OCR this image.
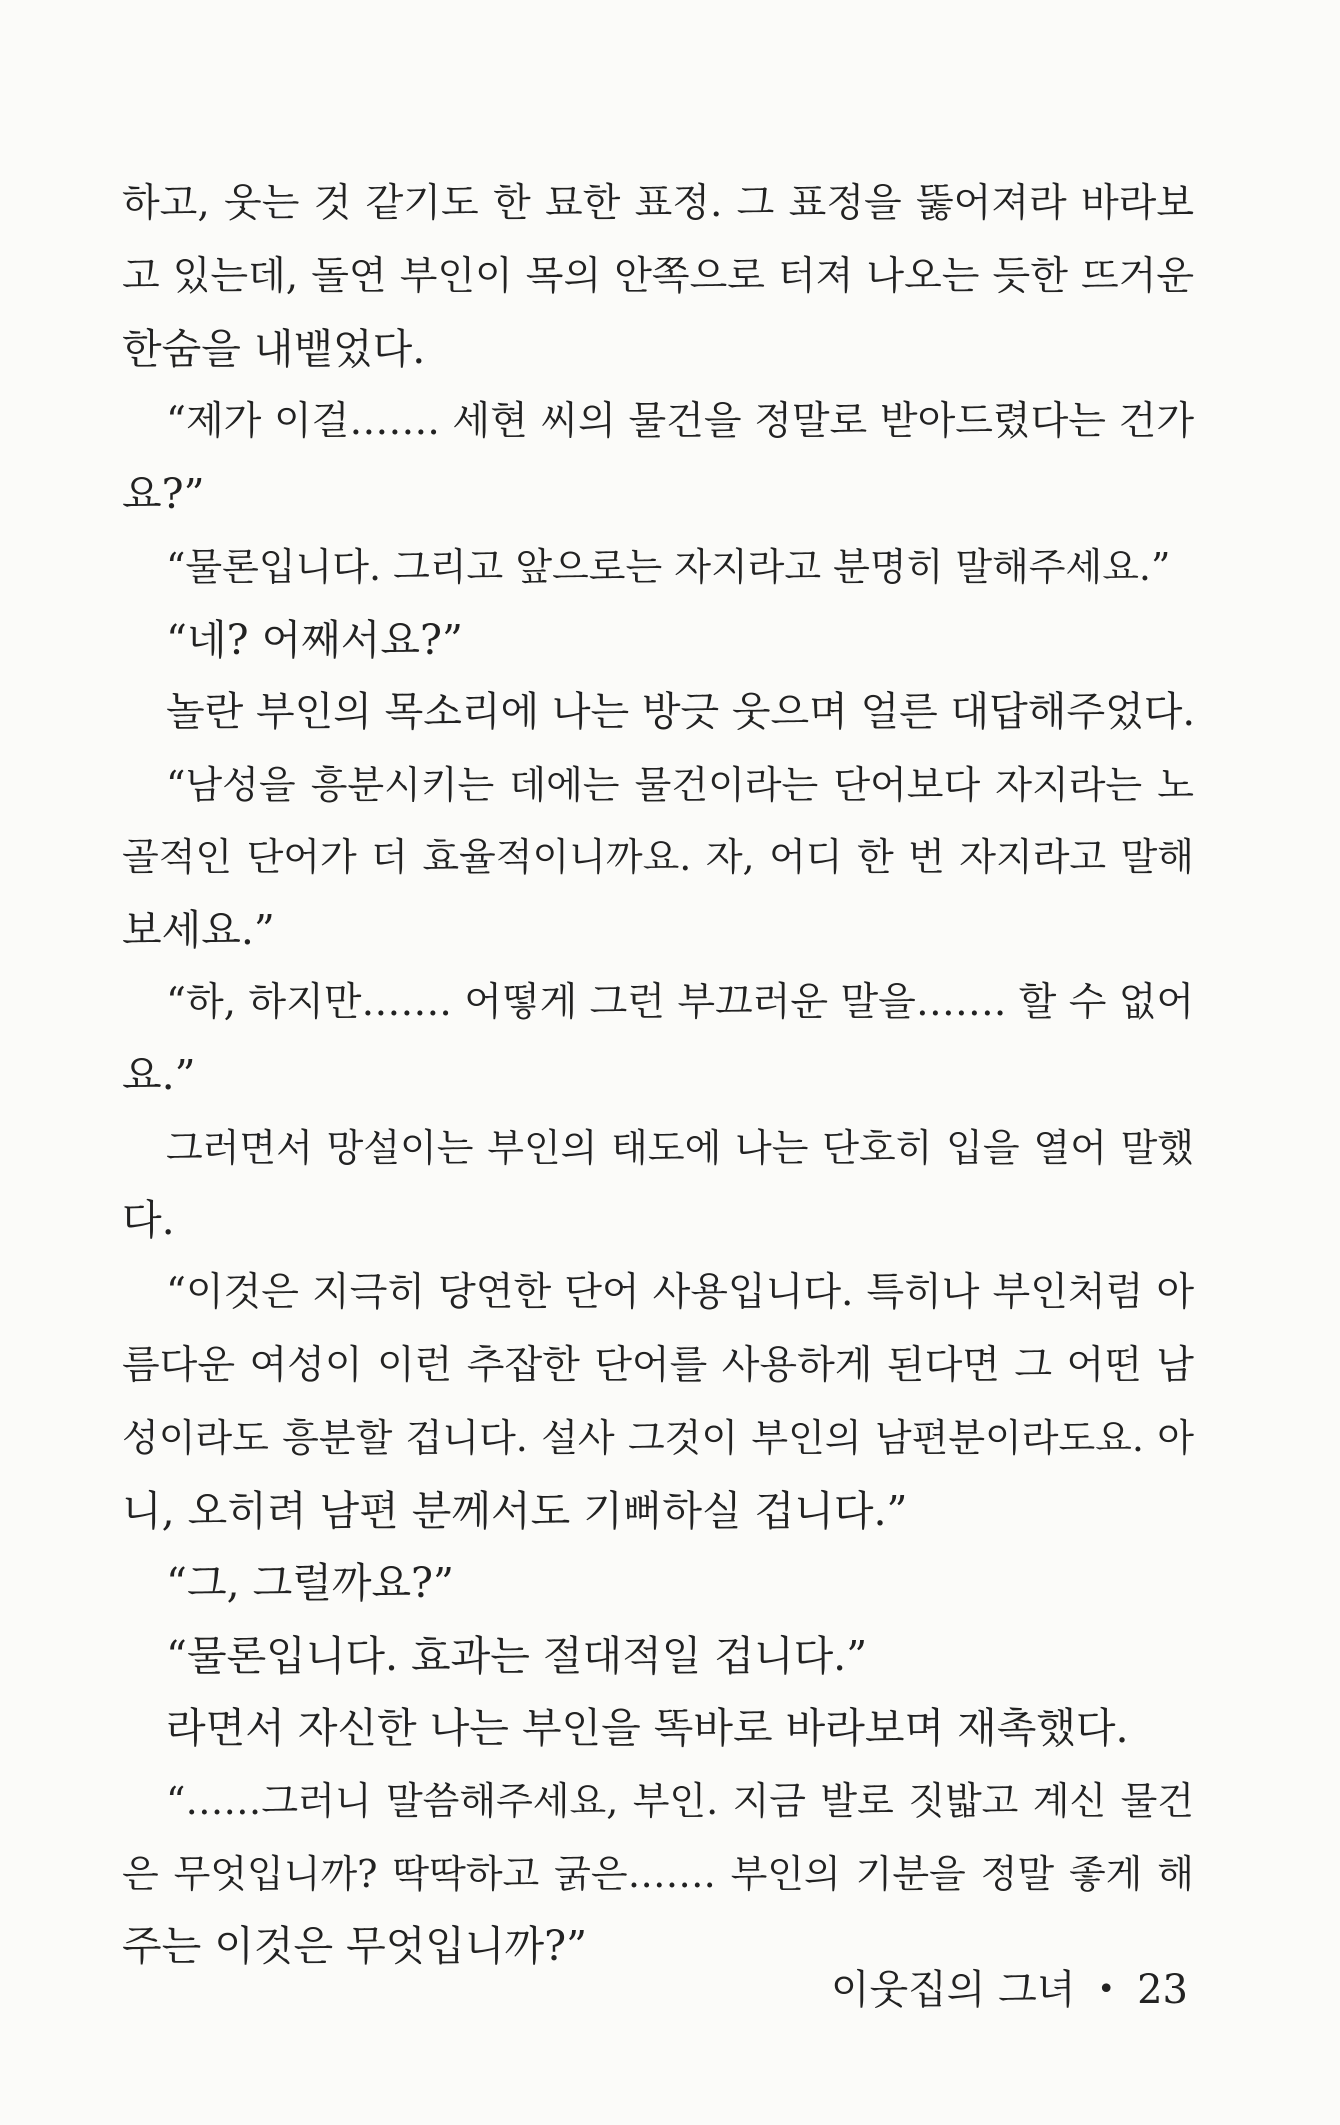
하고, 웃는 것 같기도 한 묘한 표정. 그 표정을 뚫어져라 바라보
고 있는데, 돌연 부인이 목의 안쪽으로 터져 나오는 듯한 뜨거운
한숨을 내뱉었다.
“제가 이걸……. 세현 씨의 물건을 정말로 받아드렸다는 건가
요?”
“물론입니다. 그리고 앞으로는 자지라고 분명히 말해주세요.”
“네? 어째서요?”
놀란 부인의 목소리에 나는 방긋 웃으며 얼른 대답해주었다.
“남성을 흥분시키는 데에는 물건이라는 단어보다 자지라는 노
골적인 단어가 더 효율적이니까요. 자, 어디 한 번 자지라고 말해
보세요.”
“하, 하지만……. 어떻게 그런 부끄러운 말을……. 할 수 없어
요.”
그러면서 망설이는 부인의 태도에 나는 단호히 입을 열어 말했
다.
“이것은 지극히 당연한 단어 사용입니다. 특히나 부인처럼 아
름다운 여성이 이런 추잡한 단어를 사용하게 된다면 그 어떤 남
성이라도 흥분할 겁니다. 설사 그것이 부인의 남편분이라도요. 아
니, 오히려 남편 분께서도 기뻐하실 겁니다.”
“그, 그럴까요?”
“물론입니다. 효과는 절대적일 겁니다.”
라면서 자신한 나는 부인을 똑바로 바라보며 재촉했다.
“……그러니 말씀해주세요, 부인. 지금 발로 짓밟고 계신 물건
은 무엇입니까? 딱딱하고 굵은……. 부인의 기분을 정말 좋게 해
주는 이것은 무엇입니까?”
이웃집의 그녀 • 23
